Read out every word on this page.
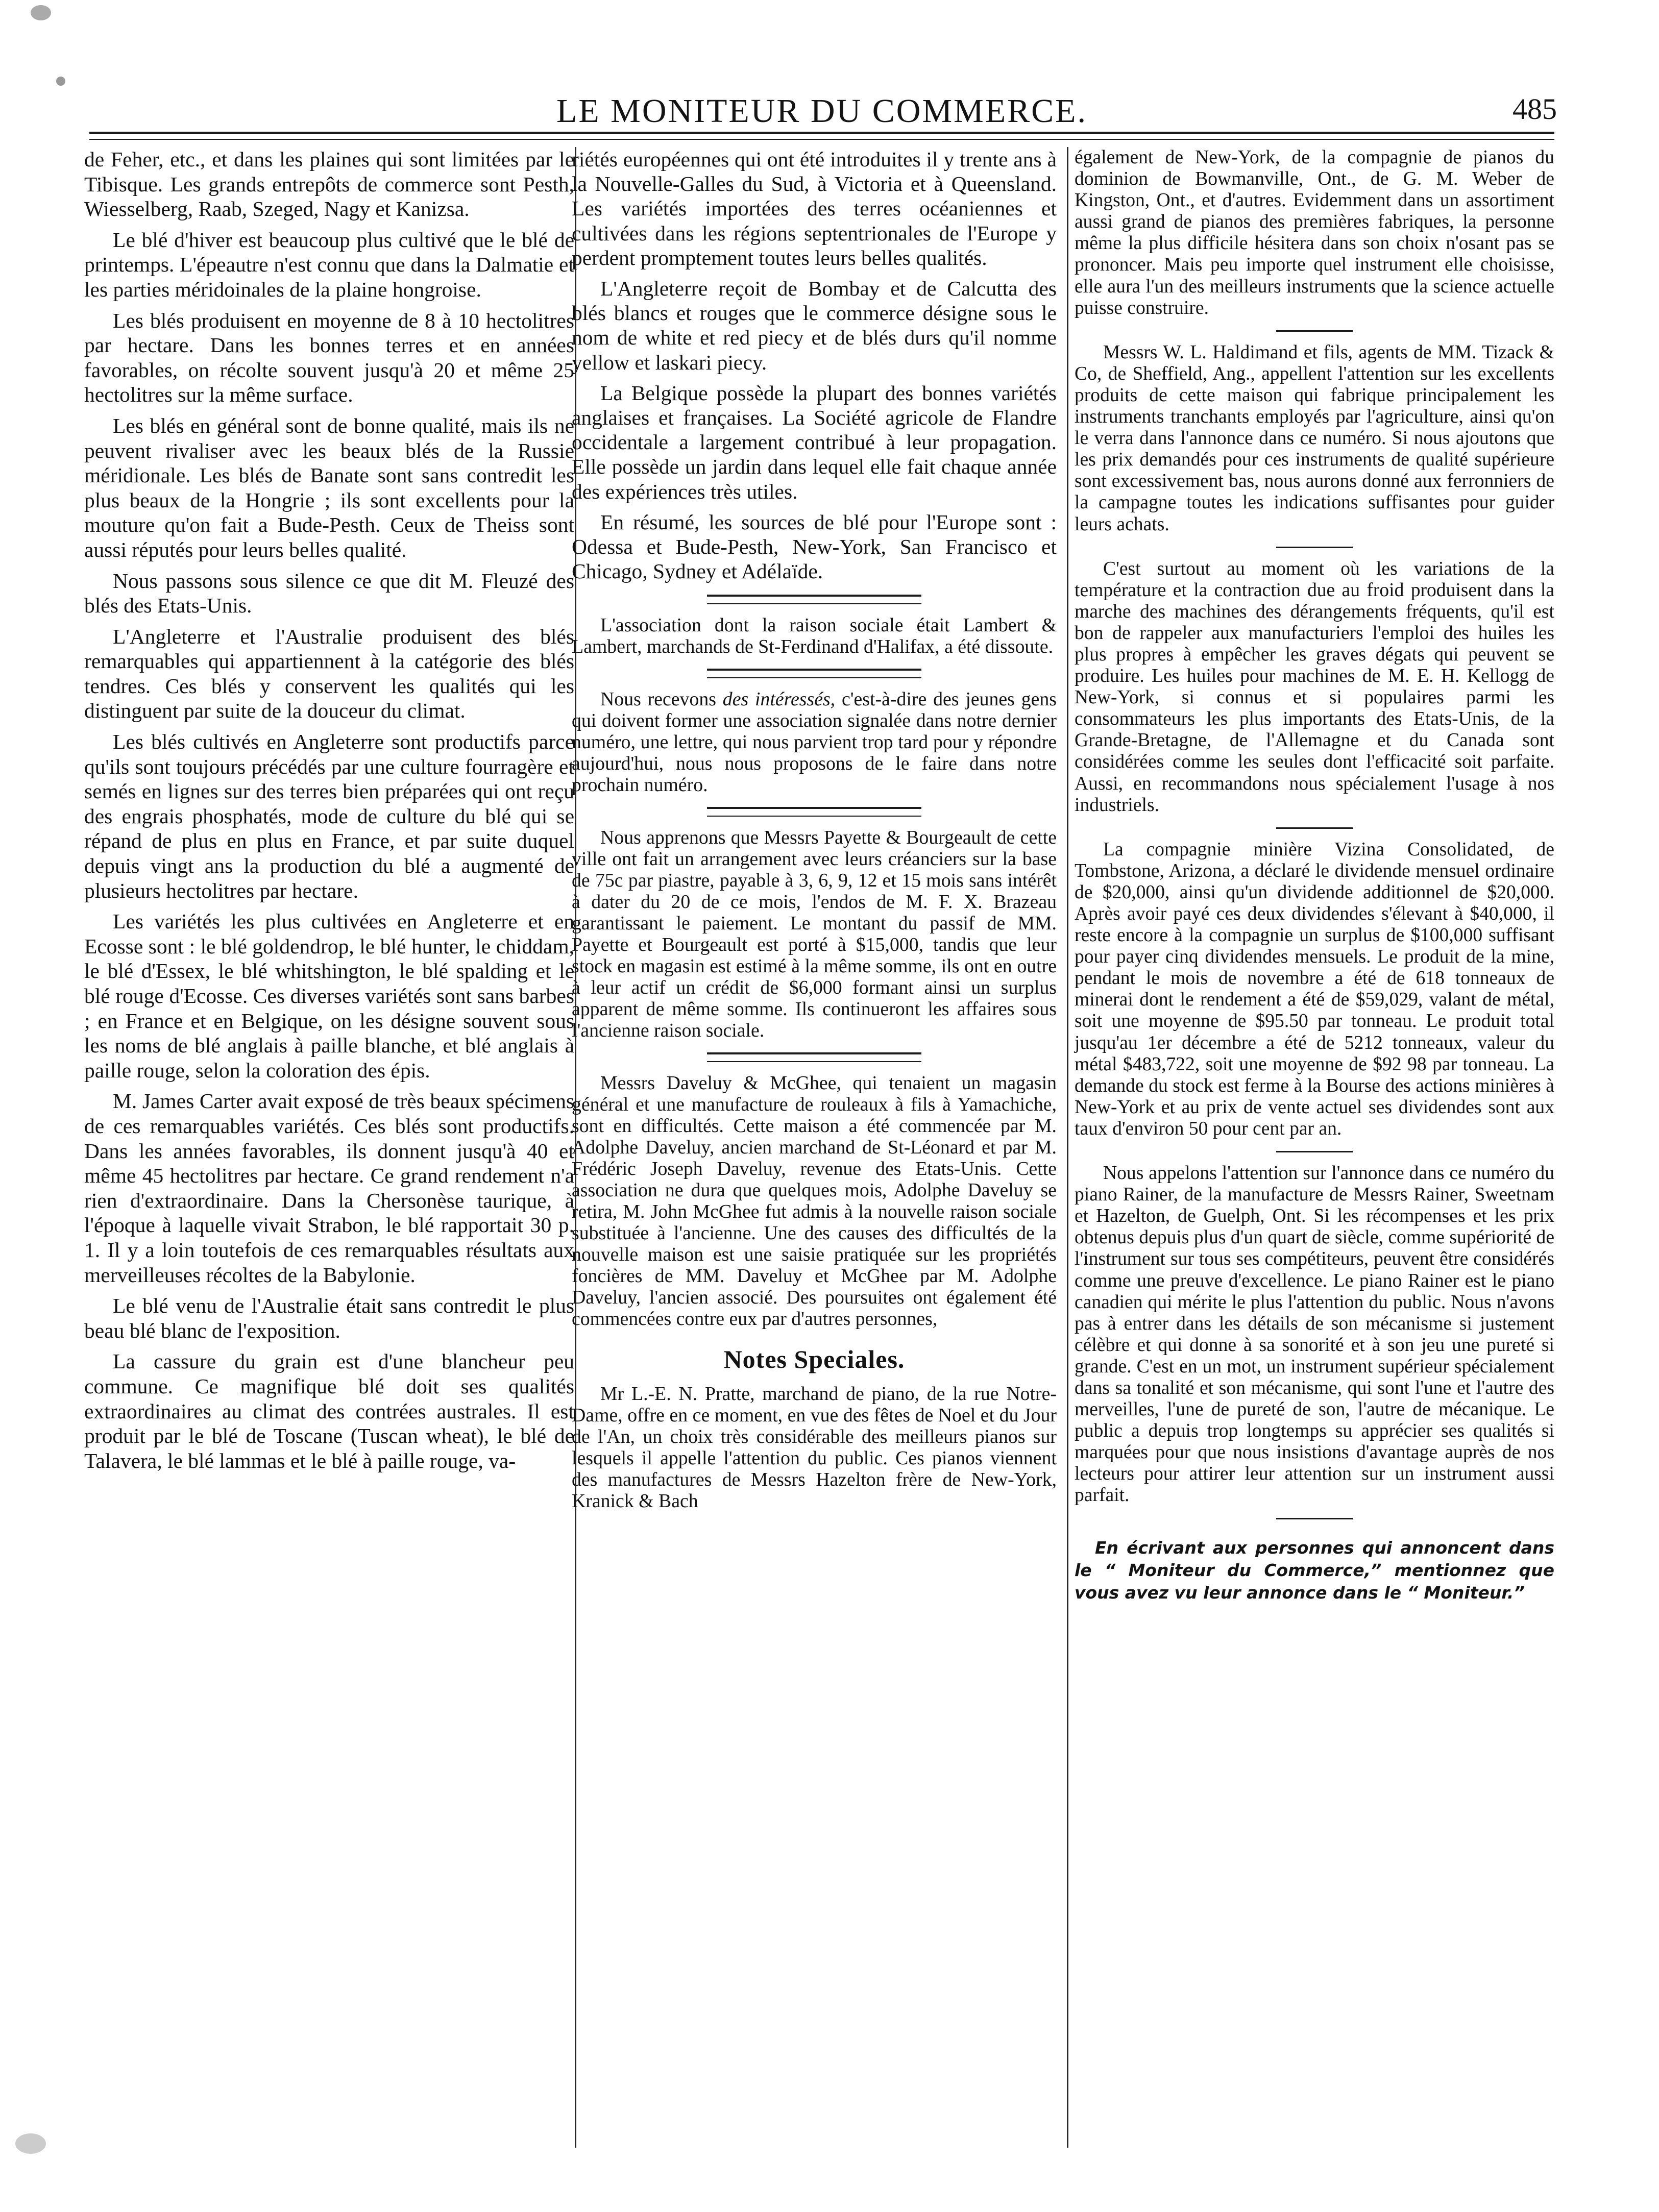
LE MONITEUR DU COMMERCE.	485

de Feher, etc., et dans les plaines qui sont limitées par le Tibisque. Les grands entrepôts de commerce sont Pesth, Wiesselberg, Raab, Szeged, Nagy et Kanizsa.

Le blé d'hiver est beaucoup plus cultivé que le blé de printemps. L'épeautre n'est connu que dans la Dalmatie et les parties méridoinales de la plaine hongroise.

Les blés produisent en moyenne de 8 à 10 hectolitres par hectare. Dans les bonnes terres et en années favorables, on récolte souvent jusqu'à 20 et même 25 hectolitres sur la même surface.

Les blés en général sont de bonne qualité, mais ils ne peuvent rivaliser avec les beaux blés de la Russie méridionale. Les blés de Banate sont sans contredit les plus beaux de la Hongrie ; ils sont excellents pour la mouture qu'on fait a Bude-Pesth. Ceux de Theiss sont aussi réputés pour leurs belles qualité.

Nous passons sous silence ce que dit M. Fleuzé des blés des Etats-Unis.

L'Angleterre et l'Australie produisent des blés remarquables qui appartiennent à la catégorie des blés tendres. Ces blés y conservent les qualités qui les distinguent par suite de la douceur du climat.

Les blés cultivés en Angleterre sont productifs parce qu'ils sont toujours précédés par une culture fourragère et semés en lignes sur des terres bien préparées qui ont reçu des engrais phosphatés, mode de culture du blé qui se répand de plus en plus en France, et par suite duquel depuis vingt ans la production du blé a augmenté de plusieurs hectolitres par hectare.

Les variétés les plus cultivées en Angleterre et en Ecosse sont : le blé goldendrop, le blé hunter, le chiddam, le blé d'Essex, le blé whitshington, le blé spalding et le blé rouge d'Ecosse. Ces diverses variétés sont sans barbes ; en France et en Belgique, on les désigne souvent sous les noms de blé anglais à paille blanche, et blé anglais à paille rouge, selon la coloration des épis.

M. James Carter avait exposé de très beaux spécimens de ces remarquables variétés. Ces blés sont productifs. Dans les années favorables, ils donnent jusqu'à 40 et même 45 hectolitres par hectare. Ce grand rendement n'a rien d'extraordinaire. Dans la Chersonèse taurique, à l'époque à laquelle vivait Strabon, le blé rapportait 30 p. 1. Il y a loin toutefois de ces remarquables résultats aux merveilleuses récoltes de la Babylonie.

Le blé venu de l'Australie était sans contredit le plus beau blé blanc de l'exposition.

La cassure du grain est d'une blancheur peu commune. Ce magnifique blé doit ses qualités extraordinaires au climat des contrées australes. Il est produit par le blé de Toscane (Tuscan wheat), le blé de Talavera, le blé lammas et le blé à paille rouge, va-

riétés européennes qui ont été introduites il y trente ans à la Nouvelle-Galles du Sud, à Victoria et à Queensland. Les variétés importées des terres océaniennes et cultivées dans les régions septentrionales de l'Europe y perdent promptement toutes leurs belles qualités.

L'Angleterre reçoit de Bombay et de Calcutta des blés blancs et rouges que le commerce désigne sous le nom de white et red piecy et de blés durs qu'il nomme yellow et laskari piecy.

La Belgique possède la plupart des bonnes variétés anglaises et françaises. La Société agricole de Flandre occidentale a largement contribué à leur propagation. Elle possède un jardin dans lequel elle fait chaque année des expériences très utiles.

En résumé, les sources de blé pour l'Europe sont : Odessa et Bude-Pesth, New-York, San Francisco et Chicago, Sydney et Adélaïde.

L'association dont la raison sociale était Lambert & Lambert, marchands de St-Ferdinand d'Halifax, a été dissoute.

Nous recevons des intéressés, c'est-à-dire des jeunes gens qui doivent former une association signalée dans notre dernier numéro, une lettre, qui nous parvient trop tard pour y répondre aujourd'hui, nous nous proposons de le faire dans notre prochain numéro.

Nous apprenons que Messrs Payette & Bourgeault de cette ville ont fait un arrangement avec leurs créanciers sur la base de 75c par piastre, payable à 3, 6, 9, 12 et 15 mois sans intérêt à dater du 20 de ce mois, l'endos de M. F. X. Brazeau garantissant le paiement. Le montant du passif de MM. Payette et Bourgeault est porté à $15,000, tandis que leur stock en magasin est estimé à la même somme, ils ont en outre à leur actif un crédit de $6,000 formant ainsi un surplus apparent de même somme. Ils continueront les affaires sous l'ancienne raison sociale.

Messrs Daveluy & McGhee, qui tenaient un magasin général et une manufacture de rouleaux à fils à Yamachiche, sont en difficultés. Cette maison a été commencée par M. Adolphe Daveluy, ancien marchand de St-Léonard et par M. Frédéric Joseph Daveluy, revenue des Etats-Unis. Cette association ne dura que quelques mois, Adolphe Daveluy se retira, M. John McGhee fut admis à la nouvelle raison sociale substituée à l'ancienne. Une des causes des difficultés de la nouvelle maison est une saisie pratiquée sur les propriétés foncières de MM. Daveluy et McGhee par M. Adolphe Daveluy, l'ancien associé. Des poursuites ont également été commencées contre eux par d'autres personnes,

Notes Speciales.

Mr L.-E. N. Pratte, marchand de piano, de la rue Notre-Dame, offre en ce moment, en vue des fêtes de Noel et du Jour de l'An, un choix très considérable des meilleurs pianos sur lesquels il appelle l'attention du public. Ces pianos viennent des manufactures de Messrs Hazelton frère de New-York, Kranick & Bach

également de New-York, de la compagnie de pianos du dominion de Bowmanville, Ont., de G. M. Weber de Kingston, Ont., et d'autres. Evidemment dans un assortiment aussi grand de pianos des premières fabriques, la personne même la plus difficile hésitera dans son choix n'osant pas se prononcer. Mais peu importe quel instrument elle choisisse, elle aura l'un des meilleurs instruments que la science actuelle puisse construire.

Messrs W. L. Haldimand et fils, agents de MM. Tizack & Co, de Sheffield, Ang., appellent l'attention sur les excellents produits de cette maison qui fabrique principalement les instruments tranchants employés par l'agriculture, ainsi qu'on le verra dans l'annonce dans ce numéro. Si nous ajoutons que les prix demandés pour ces instruments de qualité supérieure sont excessivement bas, nous aurons donné aux ferronniers de la campagne toutes les indications suffisantes pour guider leurs achats.

C'est surtout au moment où les variations de la température et la contraction due au froid produisent dans la marche des machines des dérangements fréquents, qu'il est bon de rappeler aux manufacturiers l'emploi des huiles les plus propres à empêcher les graves dégats qui peuvent se produire. Les huiles pour machines de M. E. H. Kellogg de New-York, si connus et si populaires parmi les consommateurs les plus importants des Etats-Unis, de la Grande-Bretagne, de l'Allemagne et du Canada sont considérées comme les seules dont l'efficacité soit parfaite. Aussi, en recommandons nous spécialement l'usage à nos industriels.

La compagnie minière Vizina Consolidated, de Tombstone, Arizona, a déclaré le dividende mensuel ordinaire de $20,000, ainsi qu'un dividende additionnel de $20,000. Après avoir payé ces deux dividendes s'élevant à $40,000, il reste encore à la compagnie un surplus de $100,000 suffisant pour payer cinq dividendes mensuels. Le produit de la mine, pendant le mois de novembre a été de 618 tonneaux de minerai dont le rendement a été de $59,029, valant de métal, soit une moyenne de $95.50 par tonneau. Le produit total jusqu'au 1er décembre a été de 5212 tonneaux, valeur du métal $483,722, soit une moyenne de $92 98 par tonneau. La demande du stock est ferme à la Bourse des actions minières à New-York et au prix de vente actuel ses dividendes sont aux taux d'environ 50 pour cent par an.

Nous appelons l'attention sur l'annonce dans ce numéro du piano Rainer, de la manufacture de Messrs Rainer, Sweetnam et Hazelton, de Guelph, Ont. Si les récompenses et les prix obtenus depuis plus d'un quart de siècle, comme supériorité de l'instrument sur tous ses compétiteurs, peuvent être considérés comme une preuve d'excellence. Le piano Rainer est le piano canadien qui mérite le plus l'attention du public. Nous n'avons pas à entrer dans les détails de son mécanisme si justement célèbre et qui donne à sa sonorité et à son jeu une pureté si grande. C'est en un mot, un instrument supérieur spécialement dans sa tonalité et son mécanisme, qui sont l'une et l'autre des merveilles, l'une de pureté de son, l'autre de mécanique. Le public a depuis trop longtemps su apprécier ses qualités si marquées pour que nous insistions d'avantage auprès de nos lecteurs pour attirer leur attention sur un instrument aussi parfait.

En écrivant aux personnes qui annoncent dans le “ Moniteur du Commerce,” mentionnez que vous avez vu leur annonce dans le “ Moniteur.”
